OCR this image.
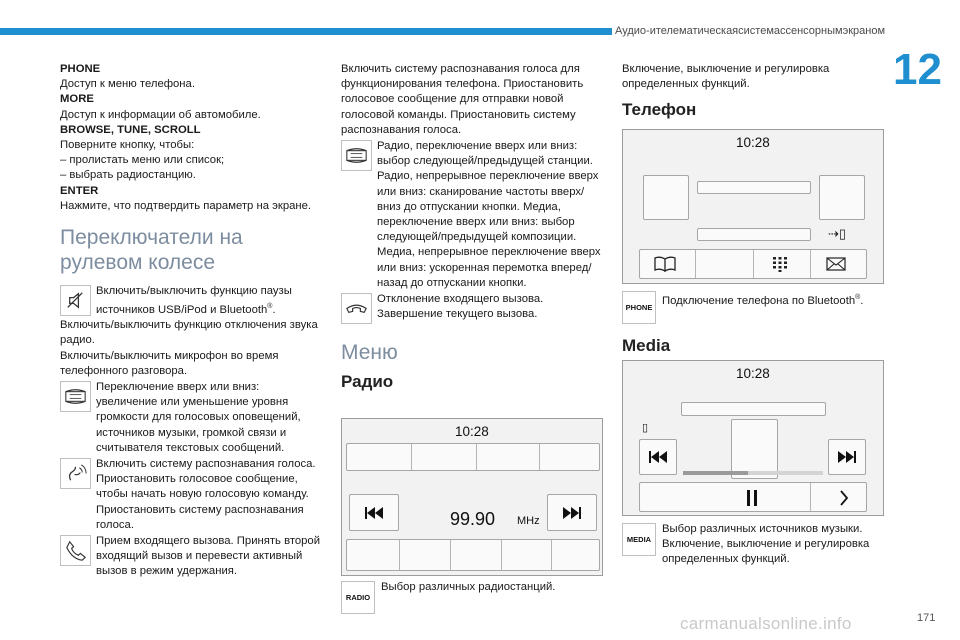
Аудио-ителематическаясистемассенсорнымэкраном
12

PHONE

Доступ к меню телефона.

MORE

Доступ к информации об автомобиле.

BROWSE, TUNE, SCROLL

Поверните кнопку, чтобы:

– пролистать меню или список;

– выбрать радиостанцию.

ENTER

Нажмите, что подтвердить параметр на экране.

Переключатели на рулевом колесе
Включить/выключить функцию паузы источников USB/iPod и Bluetooth®.

Включить/выключить функцию отключения звука радио.

Включить/выключить микрофон во время телефонного разговора.

Переключение вверх или вниз: увеличение или уменьшение уровня громкости для голосовых оповещений, источников музыки, громкой связи и считывателя текстовых сообщений.
Включить систему распознавания голоса. Приостановить голосовое сообщение, чтобы начать новую голосовую команду. Приостановить систему распознавания голоса.
Прием входящего вызова. Принять второй входящий вызов и перевести активный вызов в режим удержания.

Включить систему распознавания голоса для функционирования телефона. Приостановить голосовое сообщение для отправки новой голосовой команды. Приостановить систему распознавания голоса.

Радио, переключение вверх или вниз: выбор следующей/предыдущей станции. Радио, непрерывное переключение вверх или вниз: сканирование частоты вверх/вниз до отпускании кнопки. Медиа, переключение вверх или вниз: выбор следующей/предыдущей композиции. Медиа, непрерывное переключение вверх или вниз: ускоренная перемотка вперед/назад до отпускании кнопки.
Отклонение входящего вызова. Завершение текущего вызова.
Меню
Радио
10:28
99.90 MHz
RADIO
Выбор различных радиостанций.

Включение, выключение и регулировка определенных функций.

Телефон
10:28
⇢▯
PHONE
Подключение телефона по Bluetooth®.
Media
10:28
▯
MEDIA
Выбор различных источников музыки. Включение, выключение и регулировка определенных функций.
carmanualsonline.info	171
